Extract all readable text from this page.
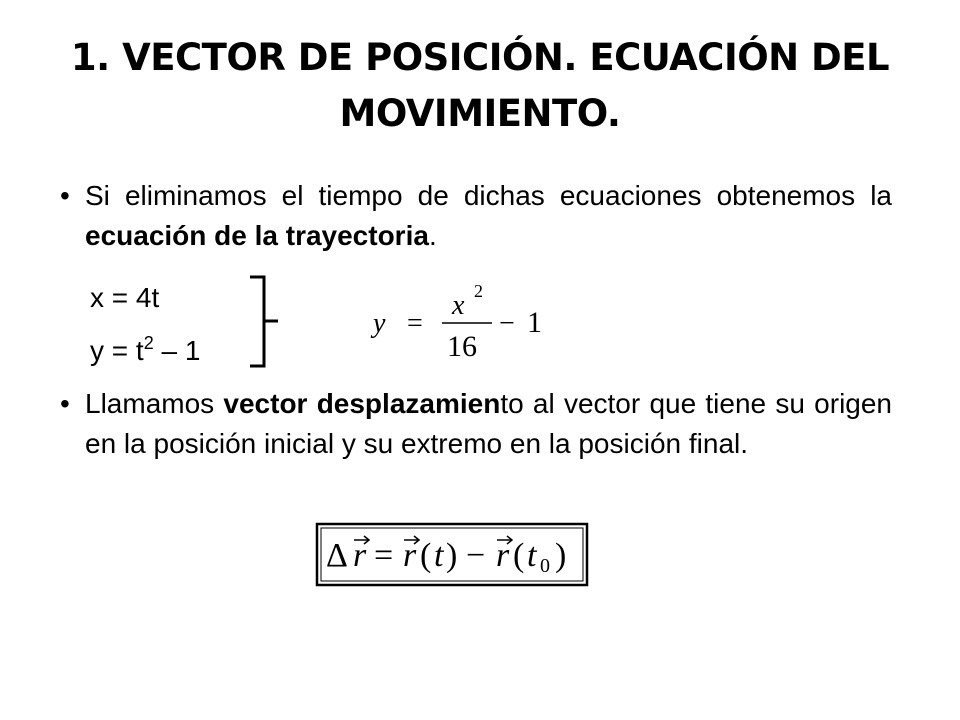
1. VECTOR DE POSICIÓN. ECUACIÓN DEL MOVIMIENTO.
• Si eliminamos el tiempo de dichas ecuaciones obtenemos la ecuación de la trayectoria.
x = 4t
$y = t^2 - 1$
y =
x 2
16
− 1
• Llamamos vector desplazamiento al vector que tiene su origen en la posición inicial y su extremo en la posición final.
Δ r = r ( t ) − r ( t 0 )
